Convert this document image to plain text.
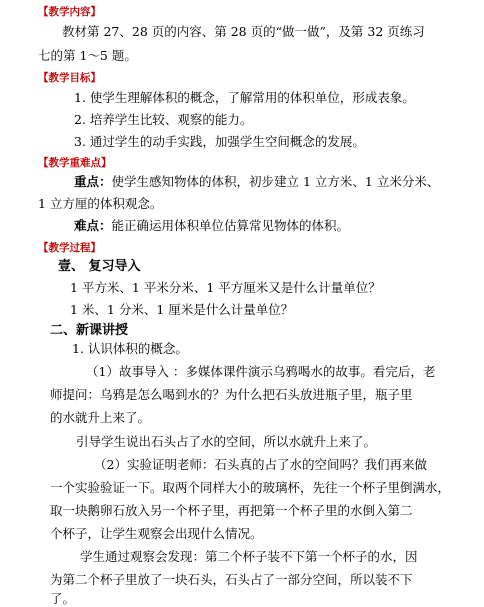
【教学内容】
教材第 27、28 页的内容、第 28 页的“做一做”，及第 32 页练习
七的第 1～5 题。
【教学目标】
1. 使学生理解体积的概念，了解常用的体积单位，形成表象。
2. 培养学生比较、观察的能力。
3. 通过学生的动手实践，加强学生空间概念的发展。
【教学重难点】
重点：使学生感知物体的体积，初步建立 1 立方米、1 立米分米、
1 立方厘的体积观念。
难点：能正确运用体积单位估算常见物体的体积。
【教学过程】
壹、 复习导入
1 平方米、1 平米分米、1 平方厘米又是什么计量单位？
1 米、1 分米、1 厘米是什么计量单位？
二、新课讲授
1. 认识体积的概念。
（1）故事导入 ：多媒体课件演示乌鸦喝水的故事。看完后，老
师提问：乌鸦是怎么喝到水的？为什么把石头放进瓶子里，瓶子里
的水就升上来了。
引导学生说出石头占了水的空间，所以水就升上来了。
（2）实验证明老师：石头真的占了水的空间吗？我们再来做
一个实验验证一下。取两个同样大小的玻璃杯，先往一个杯子里倒满水，
取一块鹅卵石放入另一个杯子里，再把第一个杯子里的水倒入第二
个杯子，让学生观察会出现什么情况。
学生通过观察会发现：第二个杯子装不下第一个杯子的水，因
为第二个杯子里放了一块石头，石头占了一部分空间，所以装不下
了。
